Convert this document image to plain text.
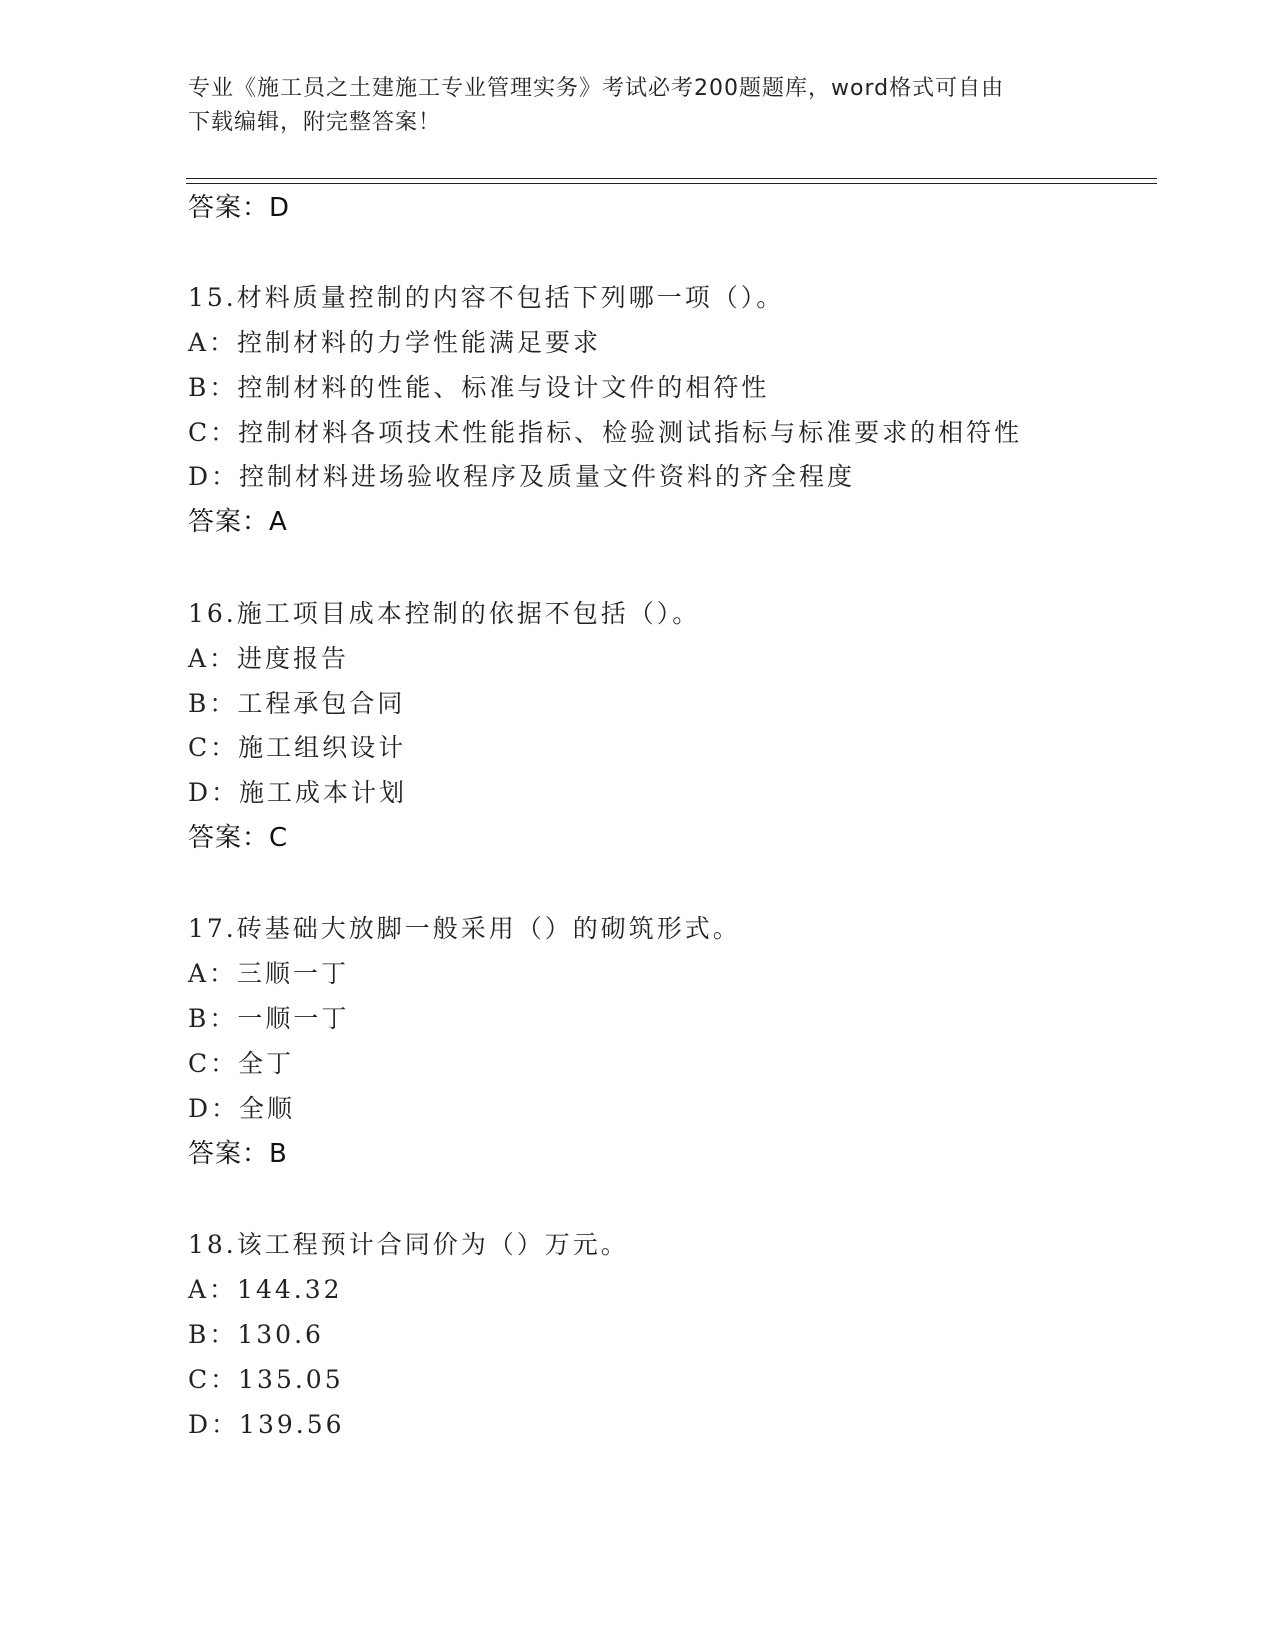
专业《施工员之土建施工专业管理实务》考试必考200题题库，word格式可自由
下载编辑，附完整答案！
答案：D
15.材料质量控制的内容不包括下列哪一项（）。
A：控制材料的力学性能满足要求
B：控制材料的性能、标准与设计文件的相符性
C：控制材料各项技术性能指标、检验测试指标与标准要求的相符性
D：控制材料进场验收程序及质量文件资料的齐全程度
答案：A
16.施工项目成本控制的依据不包括（）。
A：进度报告
B：工程承包合同
C：施工组织设计
D：施工成本计划
答案：C
17.砖基础大放脚一般采用（）的砌筑形式。
A：三顺一丁
B：一顺一丁
C：全丁
D：全顺
答案：B
18.该工程预计合同价为（）万元。
A：144.32
B：130.6
C：135.05
D：139.56
